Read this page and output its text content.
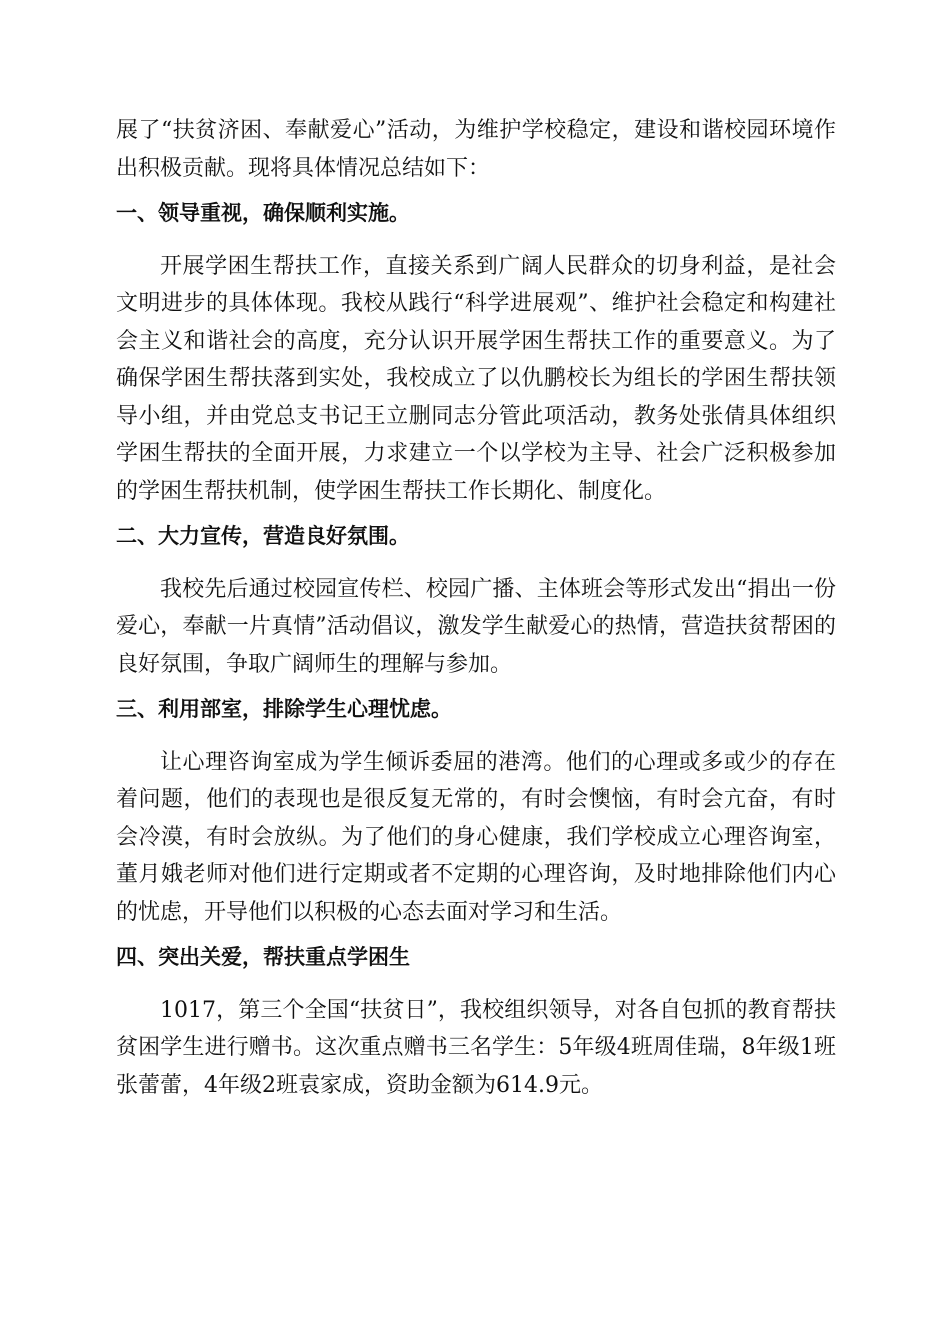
展了“扶贫济困、奉献爱心”活动，为维护学校稳定，建设和谐校园环境作出积极贡献。现将具体情况总结如下：

一、领导重视，确保顺利实施。

开展学困生帮扶工作，直接关系到广阔人民群众的切身利益，是社会文明进步的具体体现。我校从践行“科学进展观”、维护社会稳定和构建社会主义和谐社会的高度，充分认识开展学困生帮扶工作的重要意义。为了确保学困生帮扶落到实处，我校成立了以仇鹏校长为组长的学困生帮扶领导小组，并由党总支书记王立删同志分管此项活动，教务处张倩具体组织学困生帮扶的全面开展，力求建立一个以学校为主导、社会广泛积极参加的学困生帮扶机制，使学困生帮扶工作长期化、制度化。

二、大力宣传，营造良好氛围。

我校先后通过校园宣传栏、校园广播、主体班会等形式发出“捐出一份爱心，奉献一片真情”活动倡议，激发学生献爱心的热情，营造扶贫帮困的良好氛围，争取广阔师生的理解与参加。

三、利用部室，排除学生心理忧虑。

让心理咨询室成为学生倾诉委屈的港湾。他们的心理或多或少的存在着问题，他们的表现也是很反复无常的，有时会懊恼，有时会亢奋，有时会冷漠，有时会放纵。为了他们的身心健康，我们学校成立心理咨询室，董月娥老师对他们进行定期或者不定期的心理咨询，及时地排除他们内心的忧虑，开导他们以积极的心态去面对学习和生活。

四、突出关爱，帮扶重点学困生

1017，第三个全国“扶贫日”，我校组织领导，对各自包抓的教育帮扶贫困学生进行赠书。这次重点赠书三名学生：5年级4班周佳瑞，8年级1班张蕾蕾，4年级2班袁家成，资助金额为614.9元。
